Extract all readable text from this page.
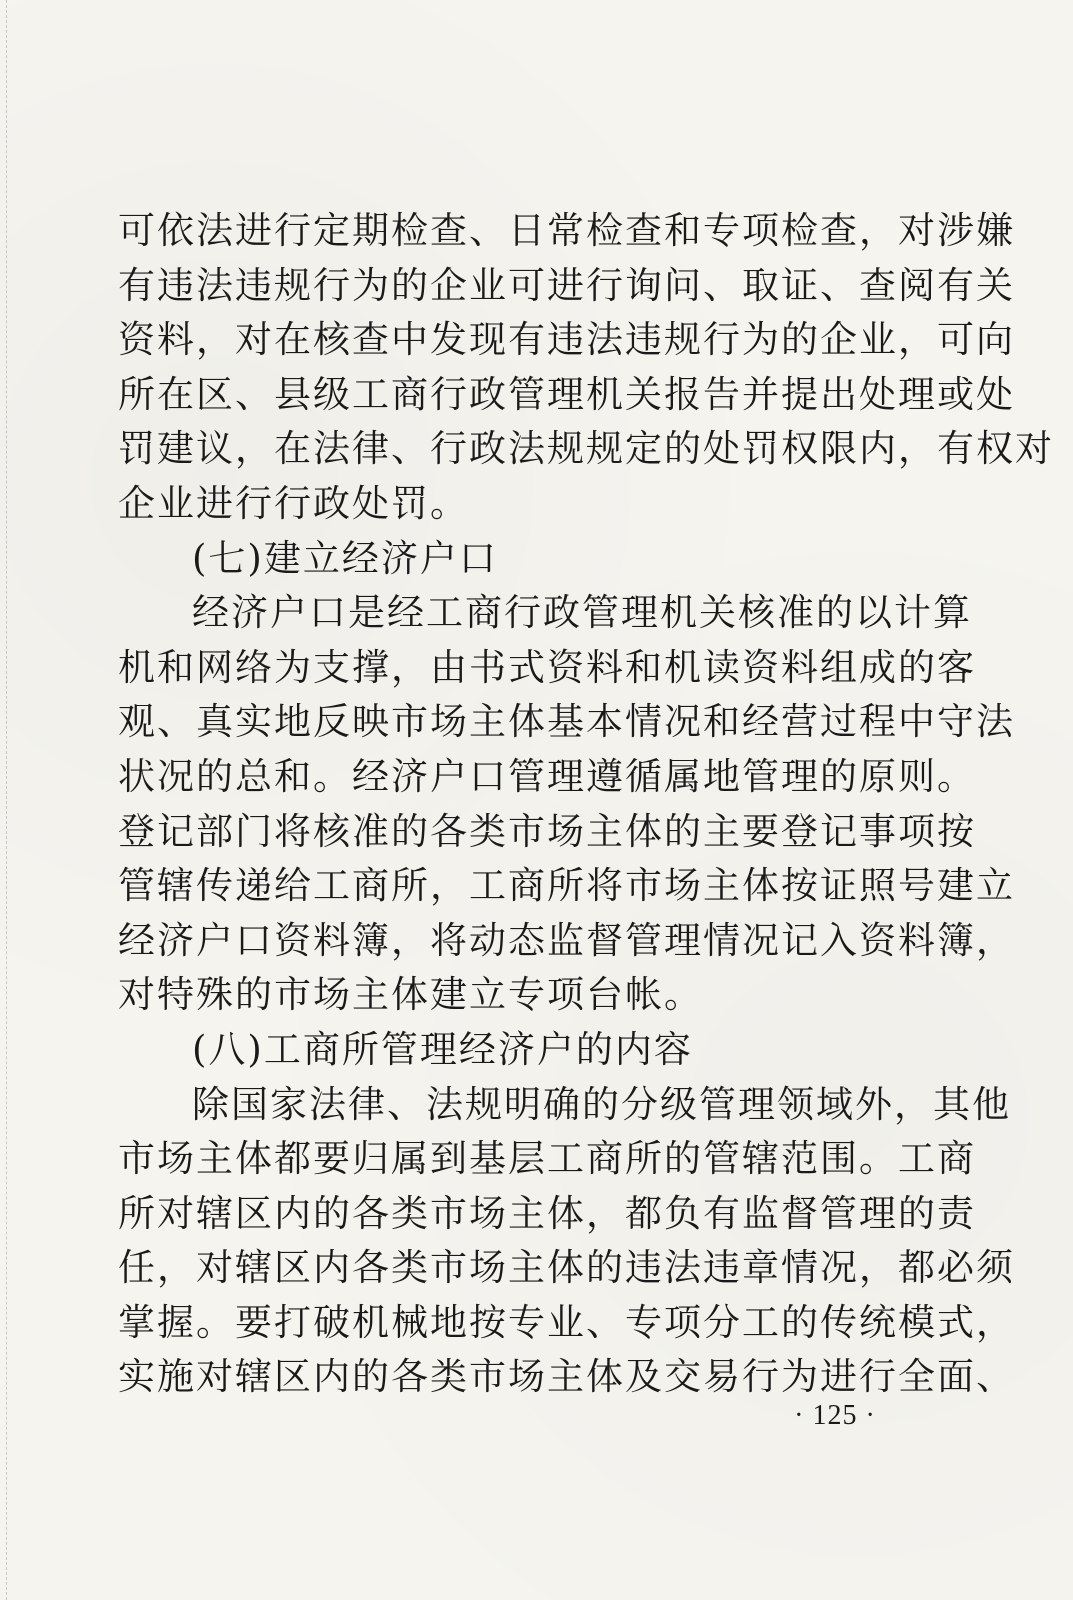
可依法进行定期检查、日常检查和专项检查，对涉嫌
有违法违规行为的企业可进行询问、取证、查阅有关
资料，对在核查中发现有违法违规行为的企业，可向
所在区、县级工商行政管理机关报告并提出处理或处
罚建议，在法律、行政法规规定的处罚权限内，有权对
企业进行行政处罚。
(七)建立经济户口
经济户口是经工商行政管理机关核准的以计算
机和网络为支撑，由书式资料和机读资料组成的客
观、真实地反映市场主体基本情况和经营过程中守法
状况的总和。经济户口管理遵循属地管理的原则。
登记部门将核准的各类市场主体的主要登记事项按
管辖传递给工商所，工商所将市场主体按证照号建立
经济户口资料簿，将动态监督管理情况记入资料簿，
对特殊的市场主体建立专项台帐。
(八)工商所管理经济户的内容
除国家法律、法规明确的分级管理领域外，其他
市场主体都要归属到基层工商所的管辖范围。工商
所对辖区内的各类市场主体，都负有监督管理的责
任，对辖区内各类市场主体的违法违章情况，都必须
掌握。要打破机械地按专业、专项分工的传统模式，
实施对辖区内的各类市场主体及交易行为进行全面、
· 125 ·
